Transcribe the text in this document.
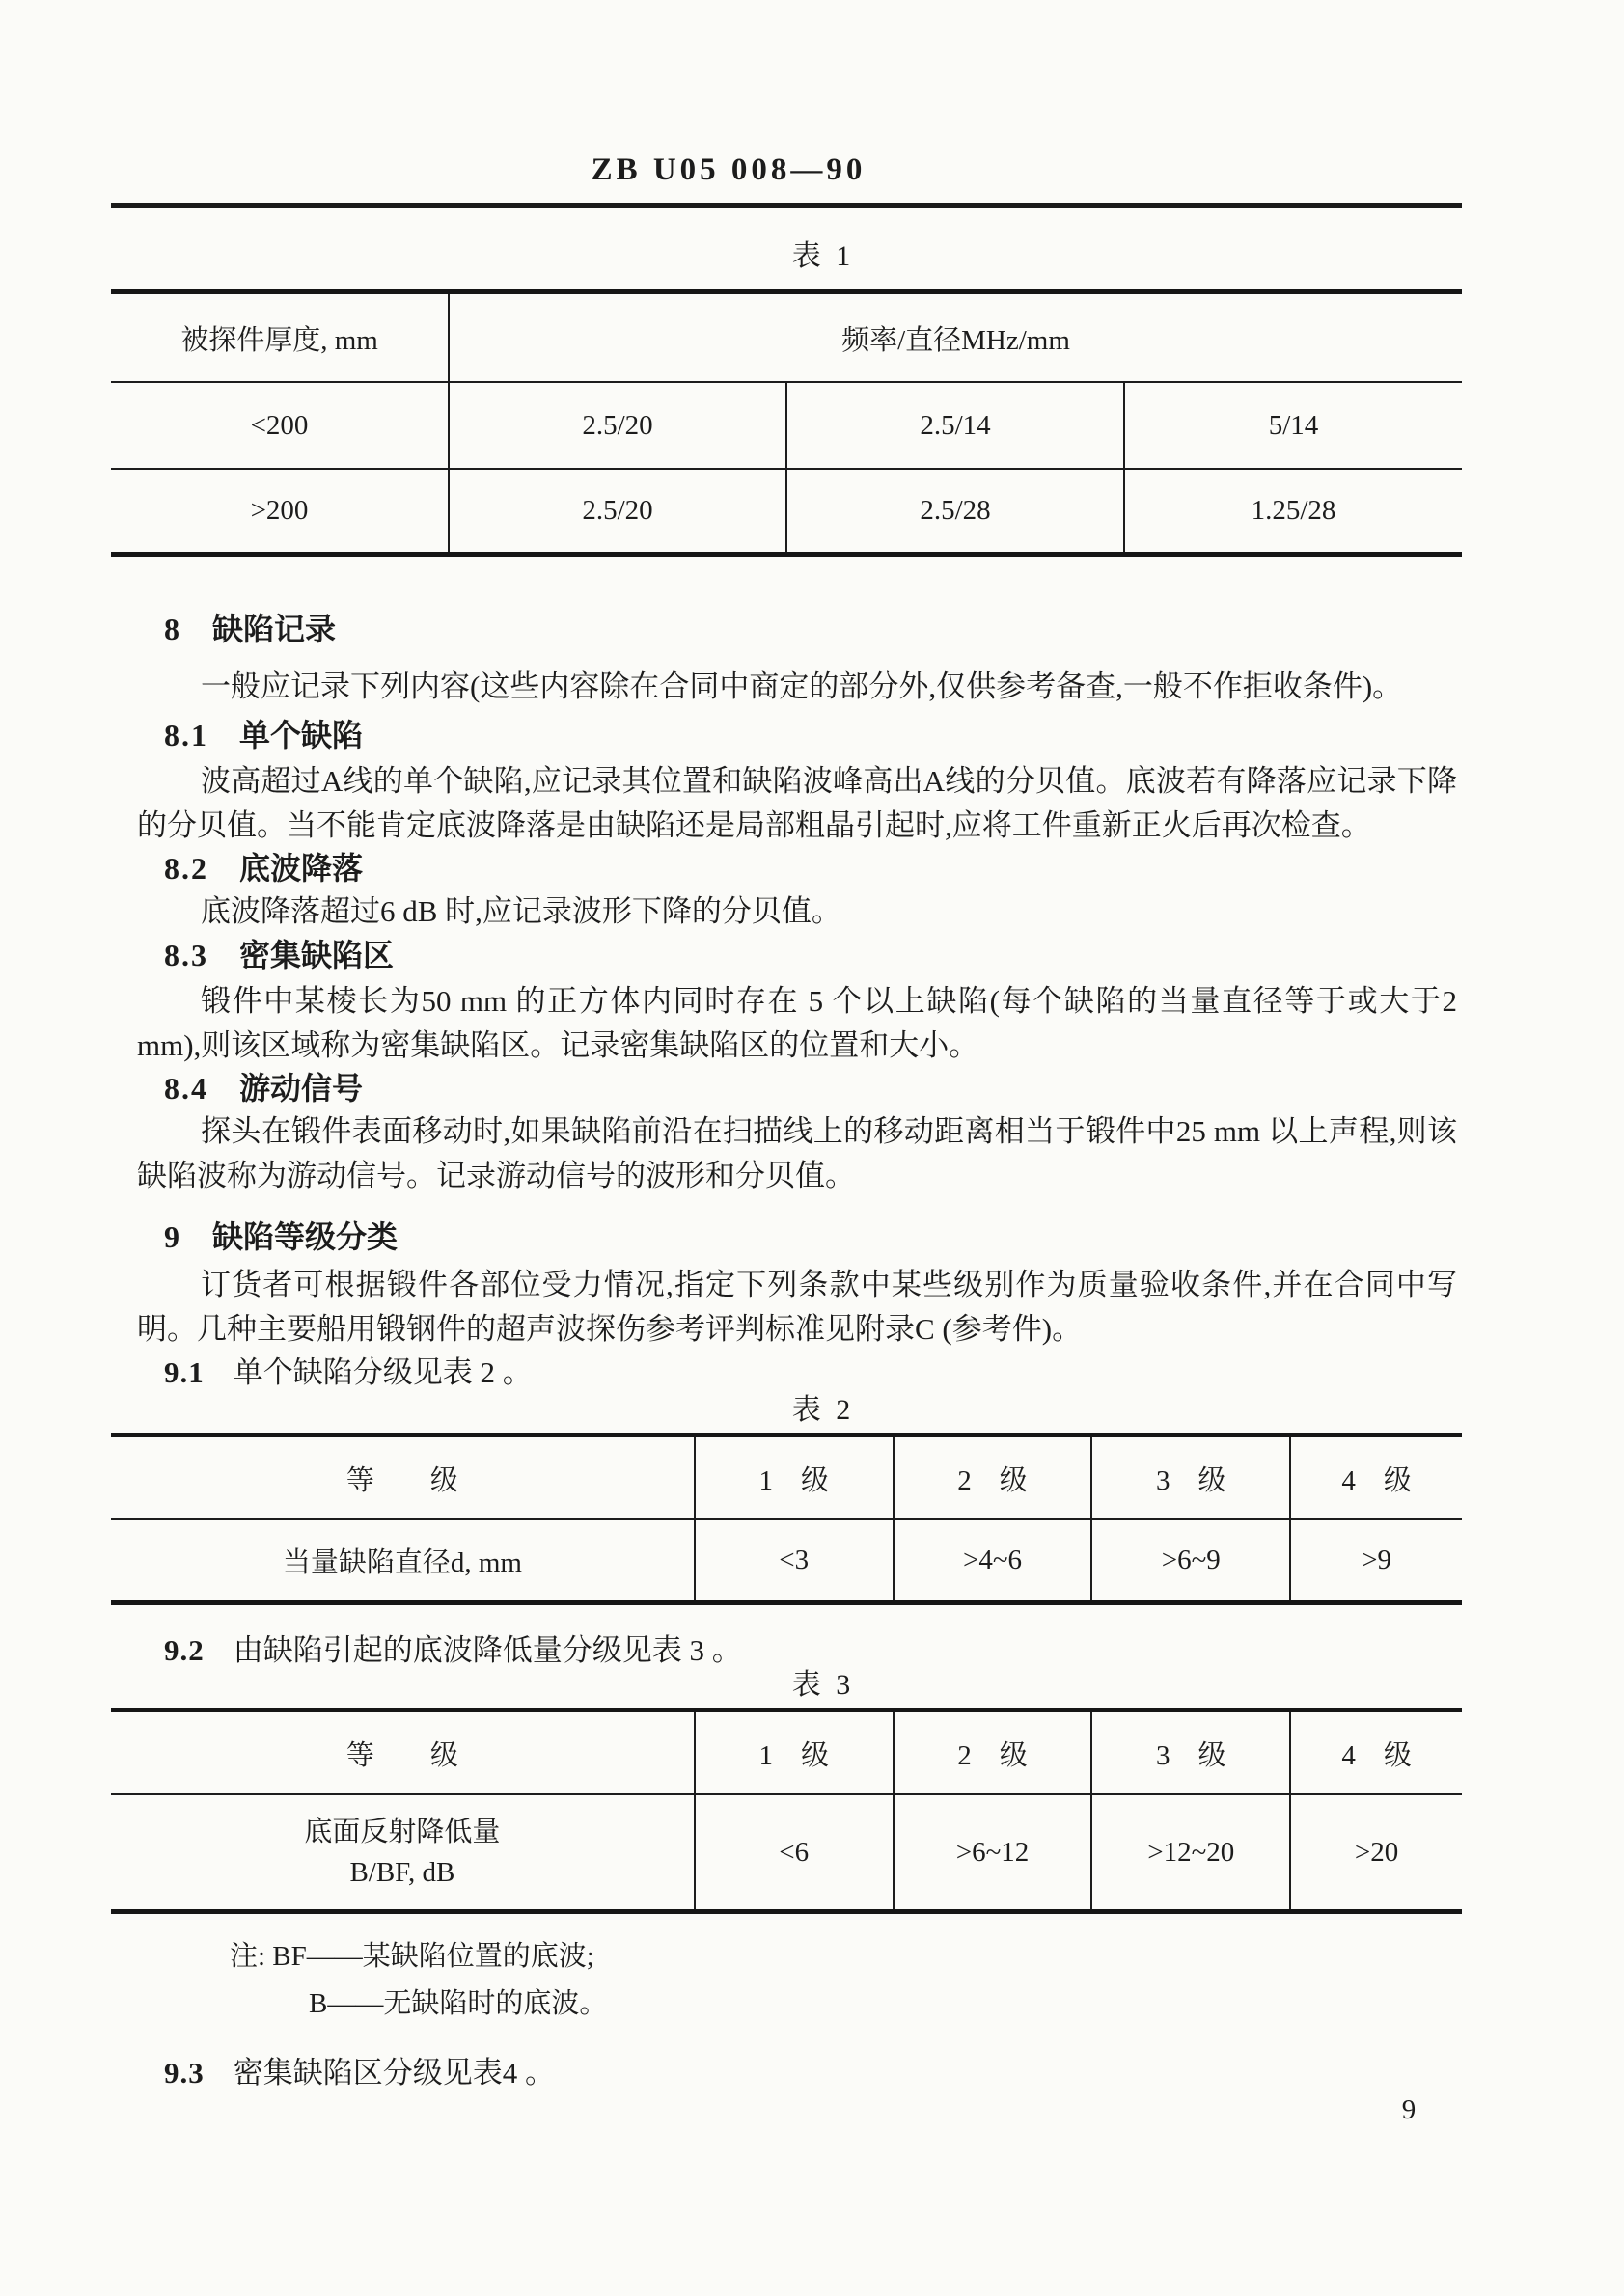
ZB U05 008—90
表 1
被探件厚度, mm	频率/直径MHz/mm		
<200	2.5/20	2.5/14	5/14
>200	2.5/20	2.5/28	1.25/28
8 缺陷记录
一般应记录下列内容(这些内容除在合同中商定的部分外,仅供参考备查,一般不作拒收条件)。
8.1 单个缺陷
波高超过A线的单个缺陷,应记录其位置和缺陷波峰高出A线的分贝值。底波若有降落应记录下降的分贝值。当不能肯定底波降落是由缺陷还是局部粗晶引起时,应将工件重新正火后再次检查。
8.2 底波降落
底波降落超过6 dB 时,应记录波形下降的分贝值。
8.3 密集缺陷区
锻件中某棱长为50 mm 的正方体内同时存在 5 个以上缺陷(每个缺陷的当量直径等于或大于2 mm),则该区域称为密集缺陷区。记录密集缺陷区的位置和大小。
8.4 游动信号
探头在锻件表面移动时,如果缺陷前沿在扫描线上的移动距离相当于锻件中25 mm 以上声程,则该缺陷波称为游动信号。记录游动信号的波形和分贝值。
9 缺陷等级分类
订货者可根据锻件各部位受力情况,指定下列条款中某些级别作为质量验收条件,并在合同中写明。几种主要船用锻钢件的超声波探伤参考评判标准见附录C (参考件)。
9.1 单个缺陷分级见表 2 。
表 2
等　　级	1　级	2　级	3　级	4　级
当量缺陷直径d, mm	<3	>4~6	>6~9	>9
9.2 由缺陷引起的底波降低量分级见表 3 。
表 3
等　　级	1　级	2　级	3　级	4　级

底面反射降低量
B/BF, dB	<6	>6~12	>12~20	>20
注: BF——某缺陷位置的底波;
B——无缺陷时的底波。
9.3 密集缺陷区分级见表4 。
9
